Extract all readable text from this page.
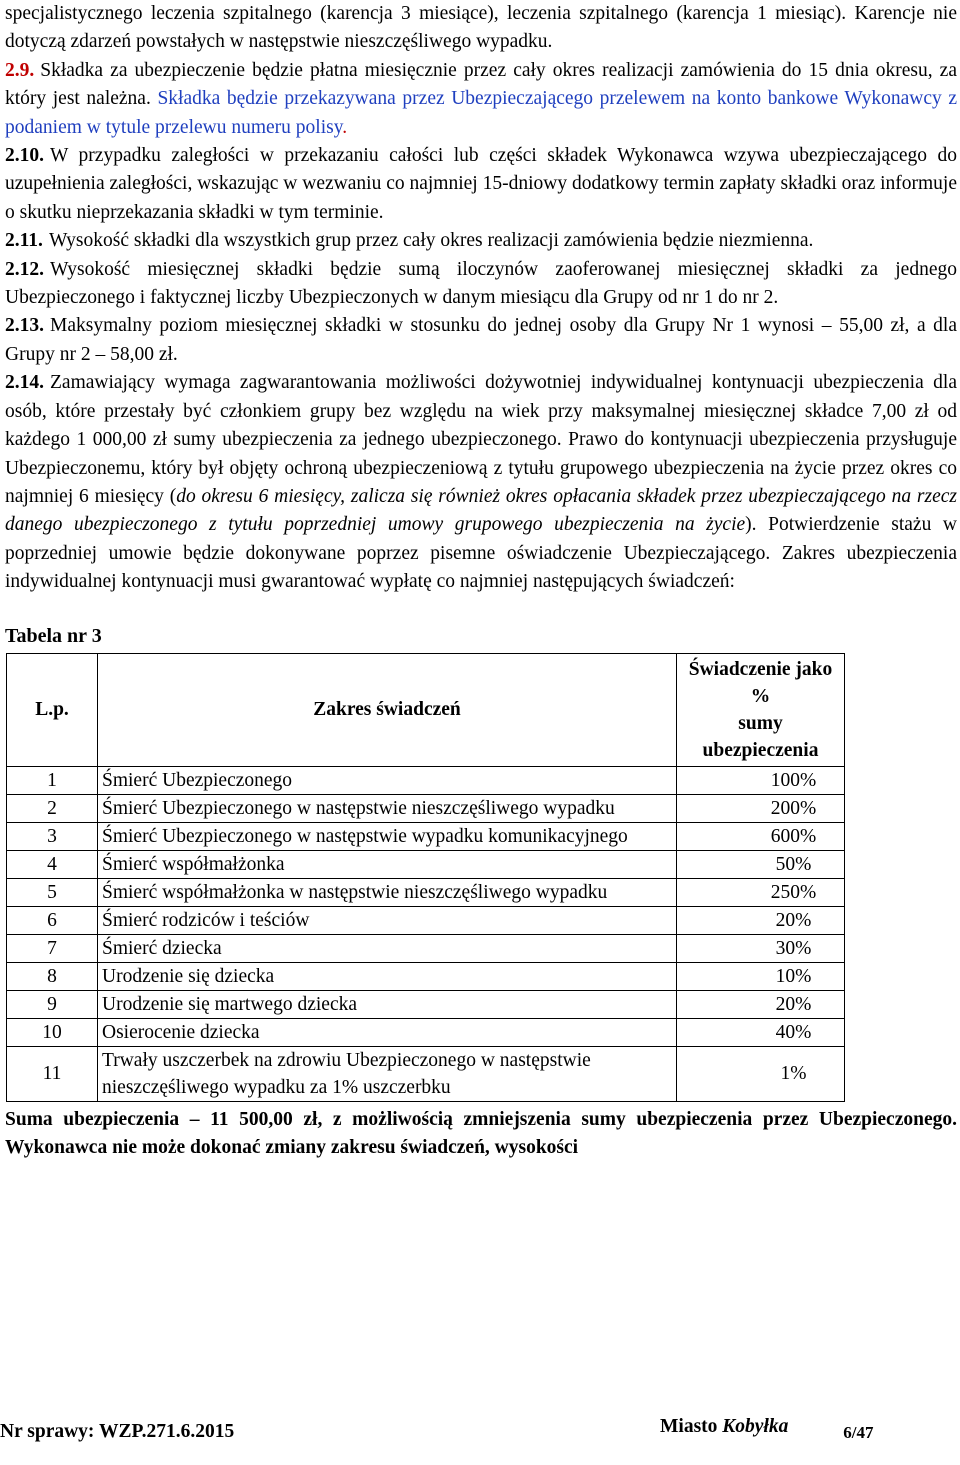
specjalistycznego leczenia szpitalnego (karencja 3 miesiące), leczenia szpitalnego (karencja 1 miesiąc). Karencje nie dotyczą zdarzeń powstałych w następstwie nieszczęśliwego wypadku.

2.9. Składka za ubezpieczenie będzie płatna miesięcznie przez cały okres realizacji zamówienia do 15 dnia okresu, za który jest należna. Składka będzie przekazywana przez Ubezpieczającego przelewem na konto bankowe Wykonawcy z podaniem w tytule przelewu numeru polisy.

2.10. W przypadku zaległości w przekazaniu całości lub części składek Wykonawca wzywa ubezpieczającego do uzupełnienia zaległości, wskazując w wezwaniu co najmniej 15-dniowy dodatkowy termin zapłaty składki oraz informuje o skutku nieprzekazania składki w tym terminie.

2.11. Wysokość składki dla wszystkich grup przez cały okres realizacji zamówienia będzie niezmienna.

2.12. Wysokość miesięcznej składki będzie sumą iloczynów zaoferowanej miesięcznej składki za jednego Ubezpieczonego i faktycznej liczby Ubezpieczonych w danym miesiącu dla Grupy od nr 1 do nr 2.

2.13. Maksymalny poziom miesięcznej składki w stosunku do jednej osoby dla Grupy Nr 1 wynosi – 55,00 zł, a dla Grupy nr 2 – 58,00 zł.

2.14. Zamawiający wymaga zagwarantowania możliwości dożywotniej indywidualnej kontynuacji ubezpieczenia dla osób, które przestały być członkiem grupy bez względu na wiek przy maksymalnej miesięcznej składce 7,00 zł od każdego 1 000,00 zł sumy ubezpieczenia za jednego ubezpieczonego. Prawo do kontynuacji ubezpieczenia przysługuje Ubezpieczonemu, który był objęty ochroną ubezpieczeniową z tytułu grupowego ubezpieczenia na życie przez okres co najmniej 6 miesięcy (do okresu 6 miesięcy, zalicza się również okres opłacania składek przez ubezpieczającego na rzecz danego ubezpieczonego z tytułu poprzedniej umowy grupowego ubezpieczenia na życie). Potwierdzenie stażu w poprzedniej umowie będzie dokonywane poprzez pisemne oświadczenie Ubezpieczającego. Zakres ubezpieczenia indywidualnej kontynuacji musi gwarantować wypłatę co najmniej następujących świadczeń:

Tabela nr 3
L.p.	Zakres świadczeń	Świadczenie jako %
sumy ubezpieczenia
1	Śmierć Ubezpieczonego	100%
2	Śmierć Ubezpieczonego w następstwie nieszczęśliwego wypadku	200%
3	Śmierć Ubezpieczonego w następstwie wypadku komunikacyjnego	600%
4	Śmierć współmałżonka	50%
5	Śmierć współmałżonka w następstwie nieszczęśliwego wypadku	250%
6	Śmierć rodziców i teściów	20%
7	Śmierć dziecka	30%
8	Urodzenie się dziecka	10%
9	Urodzenie się martwego dziecka	20%
10	Osierocenie dziecka	40%
11	Trwały uszczerbek na zdrowiu Ubezpieczonego w następstwie nieszczęśliwego wypadku za 1% uszczerbku	1%

Suma ubezpieczenia – 11 500,00 zł, z możliwością zmniejszenia sumy ubezpieczenia przez Ubezpieczonego. Wykonawca nie może dokonać zmiany zakresu świadczeń, wysokości

Nr sprawy: WZP.271.6.2015	Miasto Kobyłka	6/47
